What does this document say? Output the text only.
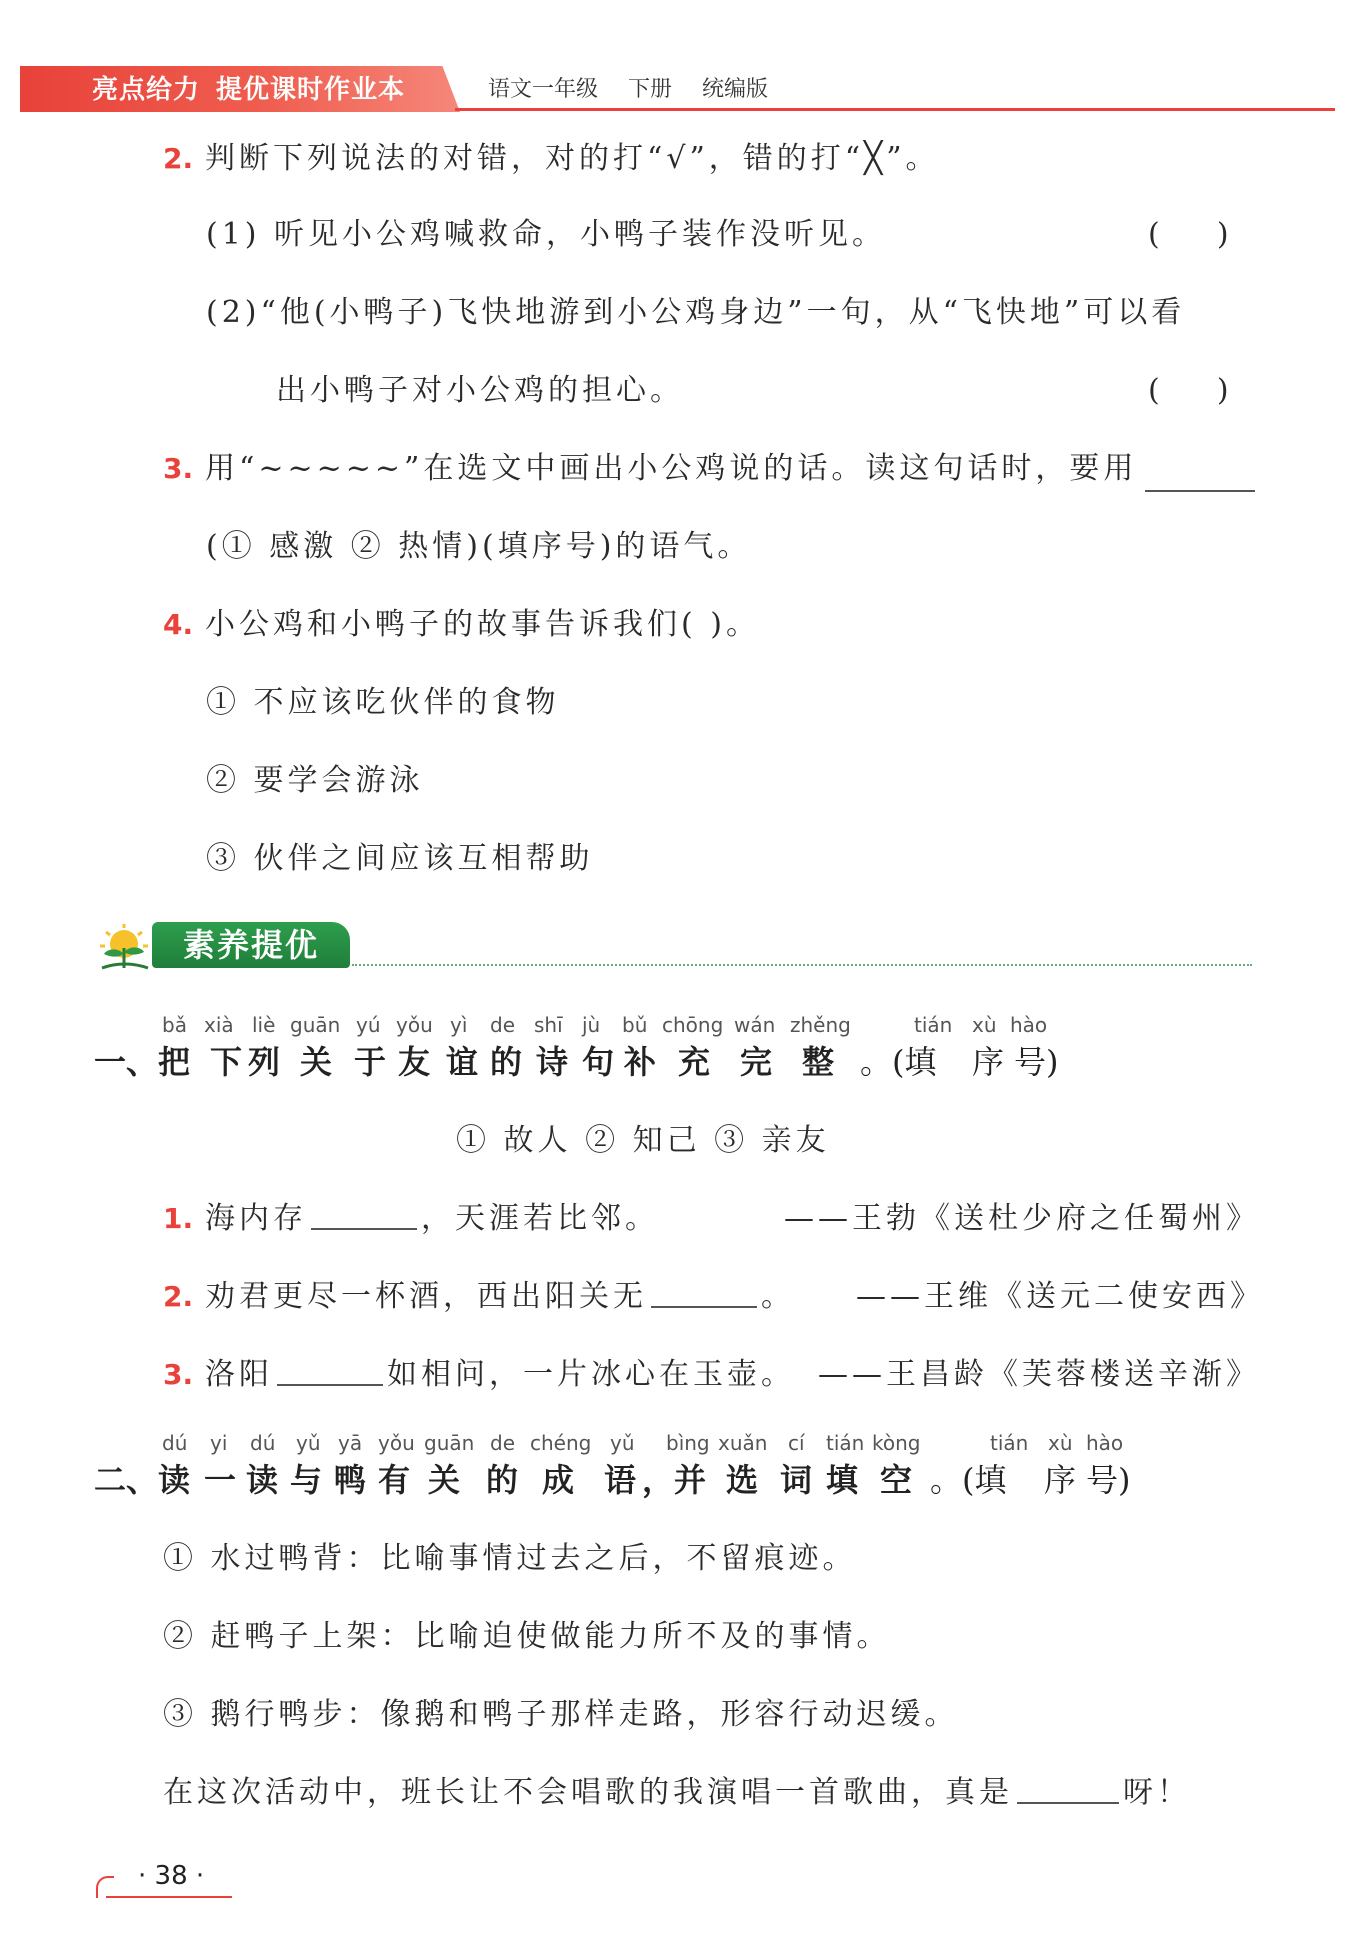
亮点给力 提优课时作业本	语文一年级 下册 统编版
2. 判断下列说法的对错，对的打“√”，错的打“╳”。
(1) 听见小公鸡喊救命，小鸭子装作没听见。	(      )
(2)“他(小鸭子)飞快地游到小公鸡身边”一句，从“飞快地”可以看
出小鸭子对小公鸡的担心。	(      )
3. 用“~~~~~”在选文中画出小公鸡说的话。读这句话时，要用
(① 感激 ② 热情)(填序号)的语气。
4. 小公鸡和小鸭子的故事告诉我们( )。
① 不应该吃伙伴的食物
② 要学会游泳
③ 伙伴之间应该互相帮助
素养提优
bǎ xià liè guān yú yǒu yì de shī jù bǔ chōng wán zhěng	tián xù hào
一、把 下 列 关 于 友 谊 的 诗 句 补 充 完 整 。(填 序 号)
① 故人 ② 知己 ③ 亲友
1. 海内存	，天涯若比邻。	——王勃《送杜少府之任蜀州》
2. 劝君更尽一杯酒，西出阳关无	。 ——王维《送元二使安西》
3. 洛阳	如相问，一片冰心在玉壶。 ——王昌龄《芙蓉楼送辛渐》
dú yi dú yǔ yā yǒu guān de chéng yǔ bìng xuǎn cí tián kòng	tián xù hào
二、读 一 读 与 鸭 有 关 的 成 语 ，并 选 词 填 空 。(填 序 号)
① 水过鸭背：比喻事情过去之后，不留痕迹。
② 赶鸭子上架：比喻迫使做能力所不及的事情。
③ 鹅行鸭步：像鹅和鸭子那样走路，形容行动迟缓。
在这次活动中，班长让不会唱歌的我演唱一首歌曲，真是	呀！
· 38 ·
